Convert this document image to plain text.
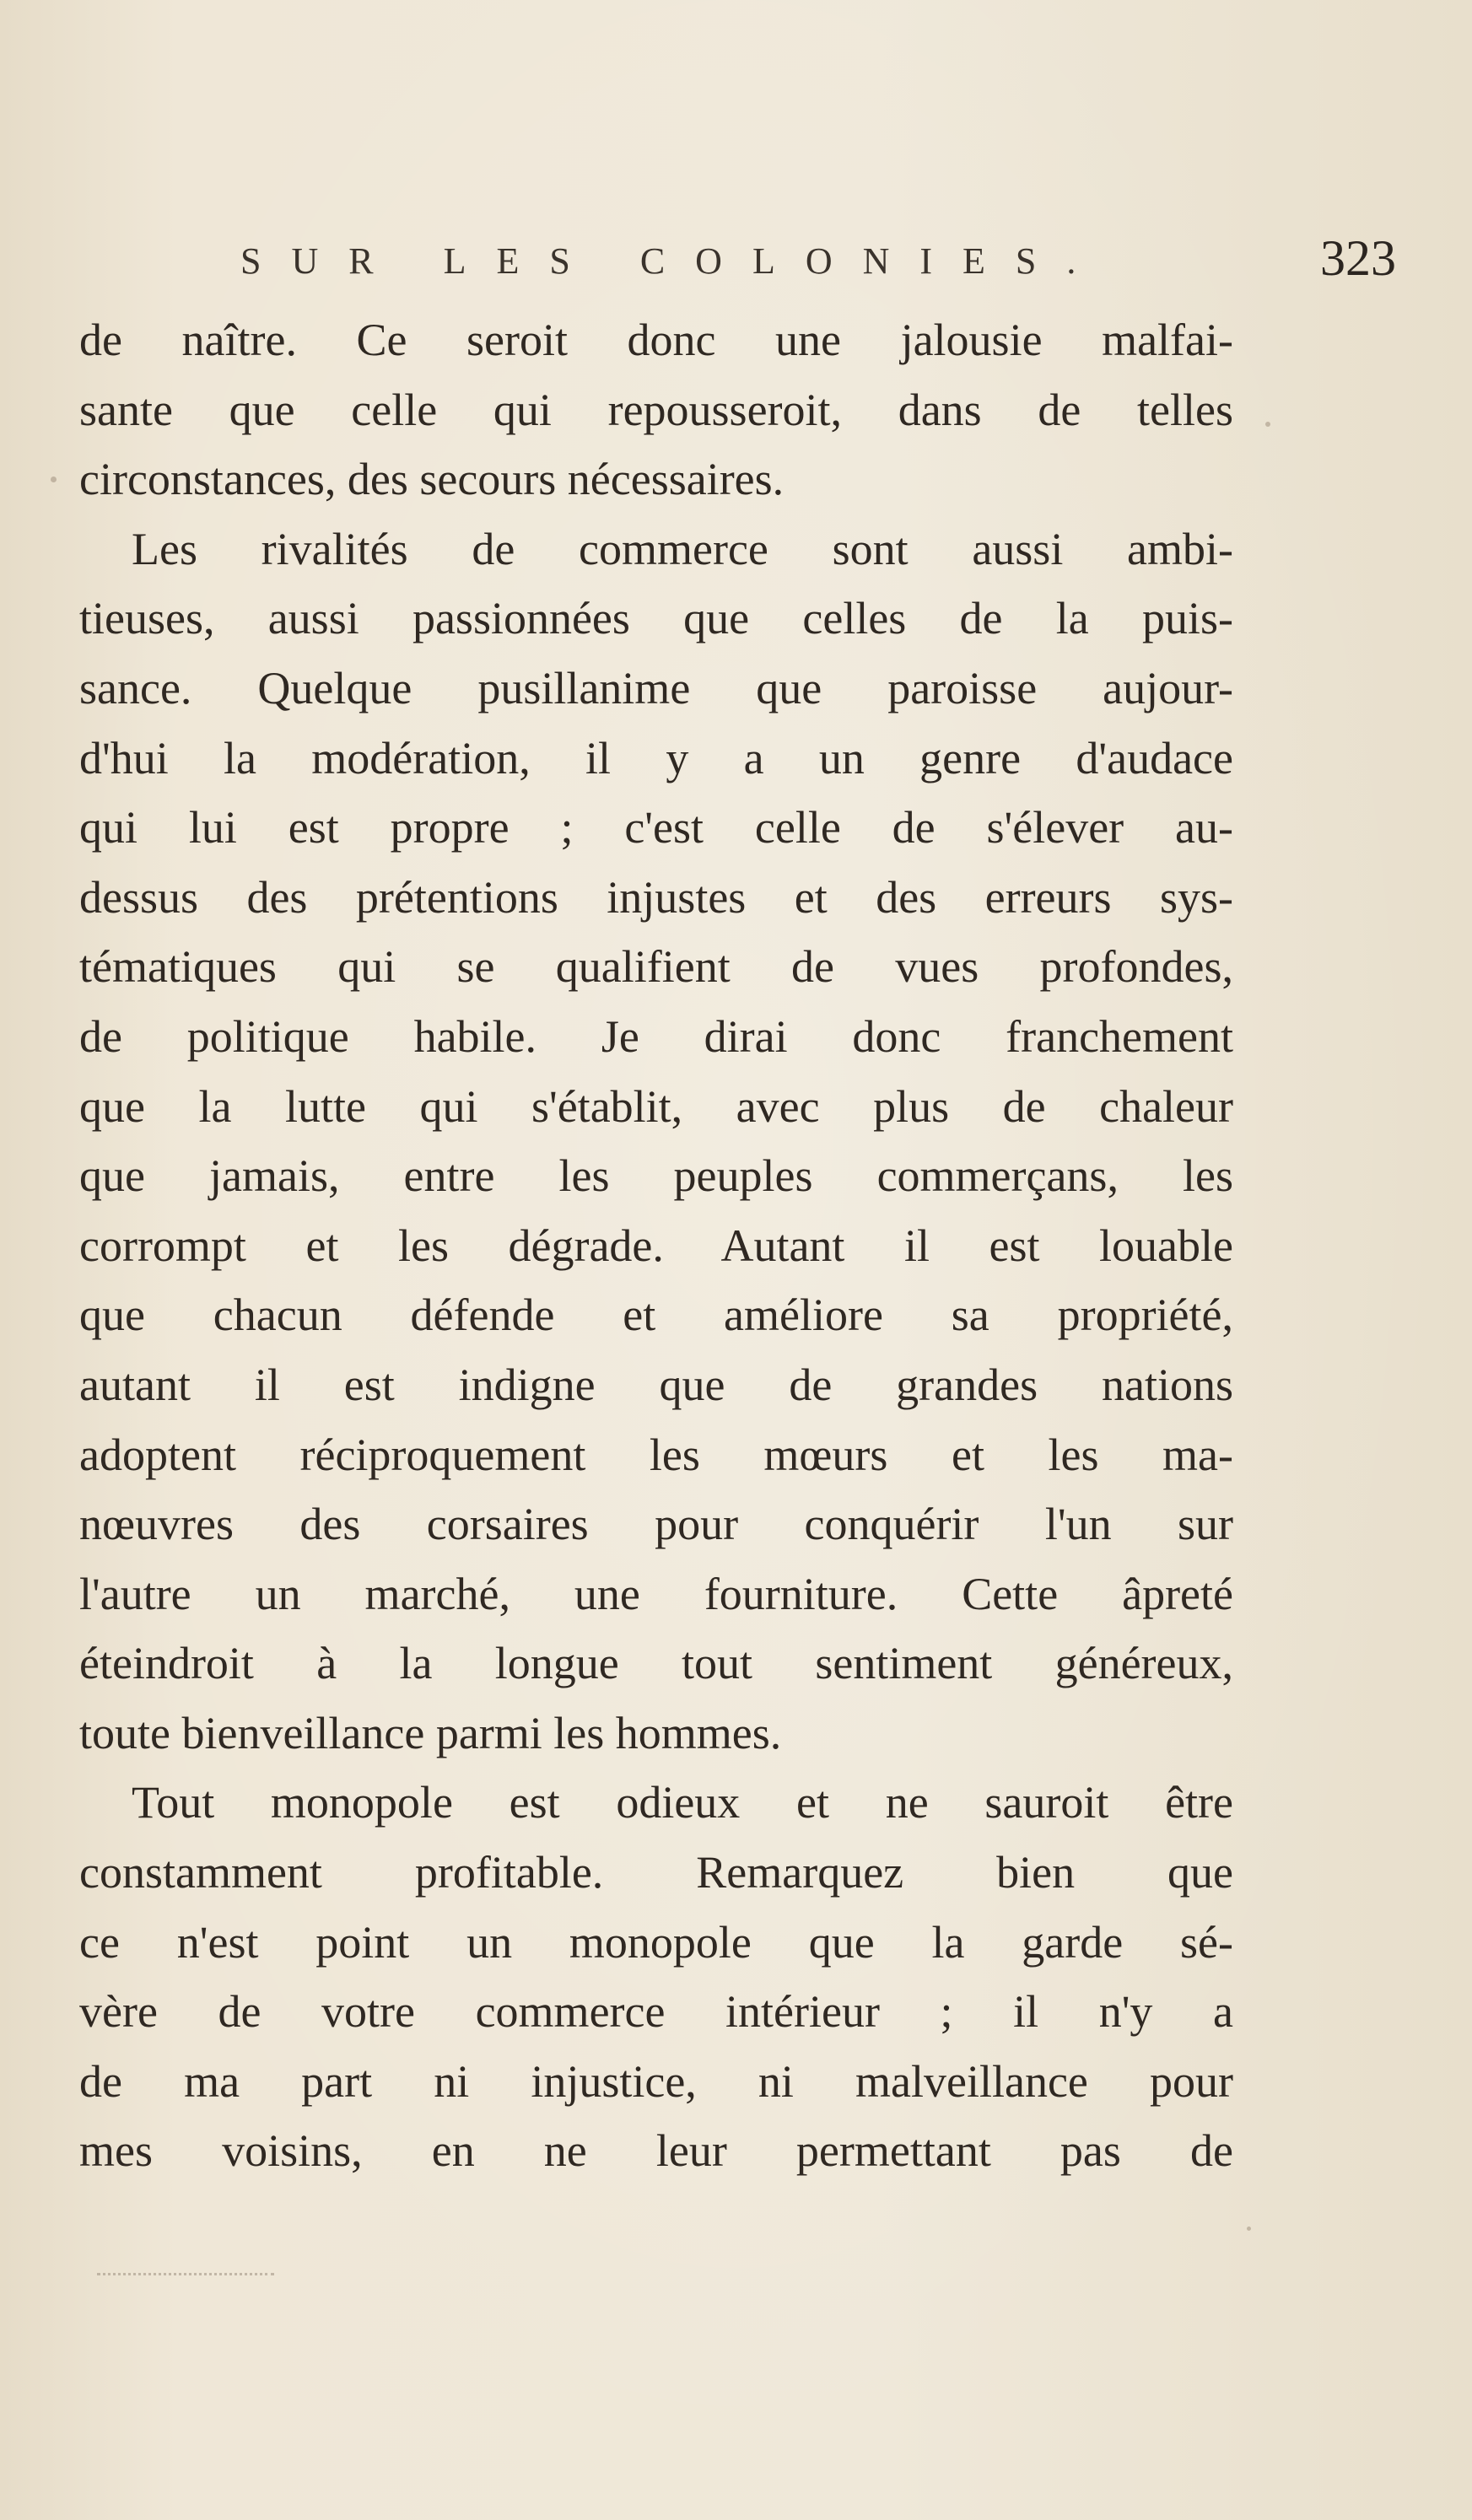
SUR LES COLONIES.	323
de naître. Ce seroit donc une jalousie malfai-
sante que celle qui repousseroit, dans de telles
circonstances, des secours nécessaires.
Les rivalités de commerce sont aussi ambi-
tieuses, aussi passionnées que celles de la puis-
sance. Quelque pusillanime que paroisse aujour-
d'hui la modération, il y a un genre d'audace
qui lui est propre ; c'est celle de s'élever au-
dessus des prétentions injustes et des erreurs sys-
tématiques qui se qualifient de vues profondes,
de politique habile. Je dirai donc franchement
que la lutte qui s'établit, avec plus de chaleur
que jamais, entre les peuples commerçans, les
corrompt et les dégrade. Autant il est louable
que chacun défende et améliore sa propriété,
autant il est indigne que de grandes nations
adoptent réciproquement les mœurs et les ma-
nœuvres des corsaires pour conquérir l'un sur
l'autre un marché, une fourniture. Cette âpreté
éteindroit à la longue tout sentiment généreux,
toute bienveillance parmi les hommes.
Tout monopole est odieux et ne sauroit être
constamment profitable. Remarquez bien que
ce n'est point un monopole que la garde sé-
vère de votre commerce intérieur ; il n'y a
de ma part ni injustice, ni malveillance pour
mes voisins, en ne leur permettant pas de
